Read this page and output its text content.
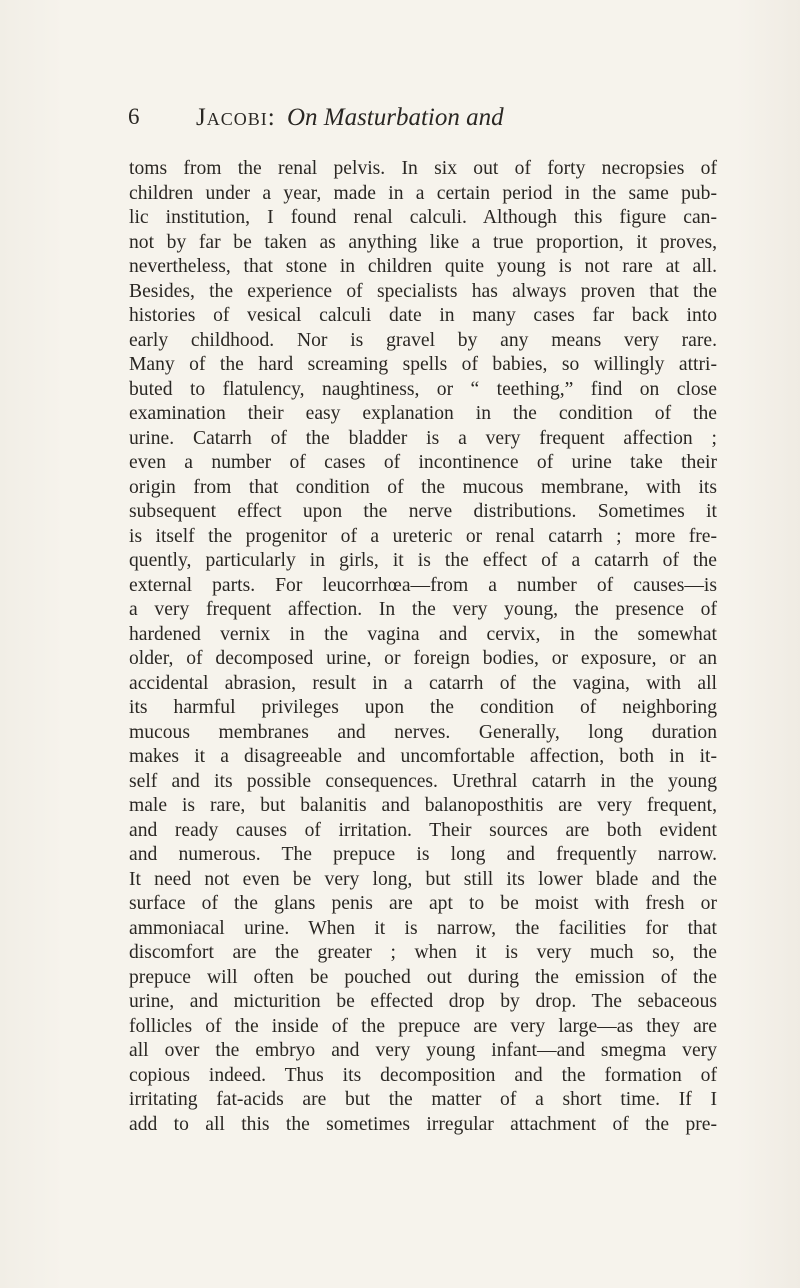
6 Jacobi: On Masturbation and
toms from the renal pelvis. In six out of forty necropsies of
children under a year, made in a certain period in the same pub-
lic institution, I found renal calculi. Although this figure can-
not by far be taken as anything like a true proportion, it proves,
nevertheless, that stone in children quite young is not rare at all.
Besides, the experience of specialists has always proven that the
histories of vesical calculi date in many cases far back into
early childhood. Nor is gravel by any means very rare.
Many of the hard screaming spells of babies, so willingly attri-
buted to flatulency, naughtiness, or “ teething,” find on close
examination their easy explanation in the condition of the
urine. Catarrh of the bladder is a very frequent affection ;
even a number of cases of incontinence of urine take their
origin from that condition of the mucous membrane, with its
subsequent effect upon the nerve distributions. Sometimes it
is itself the progenitor of a ureteric or renal catarrh ; more fre-
quently, particularly in girls, it is the effect of a catarrh of the
external parts. For leucorrhœa—from a number of causes—is
a very frequent affection. In the very young, the presence of
hardened vernix in the vagina and cervix, in the somewhat
older, of decomposed urine, or foreign bodies, or exposure, or an
accidental abrasion, result in a catarrh of the vagina, with all
its harmful privileges upon the condition of neighboring
mucous membranes and nerves. Generally, long duration
makes it a disagreeable and uncomfortable affection, both in it-
self and its possible consequences. Urethral catarrh in the young
male is rare, but balanitis and balanoposthitis are very frequent,
and ready causes of irritation. Their sources are both evident
and numerous. The prepuce is long and frequently narrow.
It need not even be very long, but still its lower blade and the
surface of the glans penis are apt to be moist with fresh or
ammoniacal urine. When it is narrow, the facilities for that
discomfort are the greater ; when it is very much so, the
prepuce will often be pouched out during the emission of the
urine, and micturition be effected drop by drop. The sebaceous
follicles of the inside of the prepuce are very large—as they are
all over the embryo and very young infant—and smegma very
copious indeed. Thus its decomposition and the formation of
irritating fat-acids are but the matter of a short time. If I
add to all this the sometimes irregular attachment of the pre-
